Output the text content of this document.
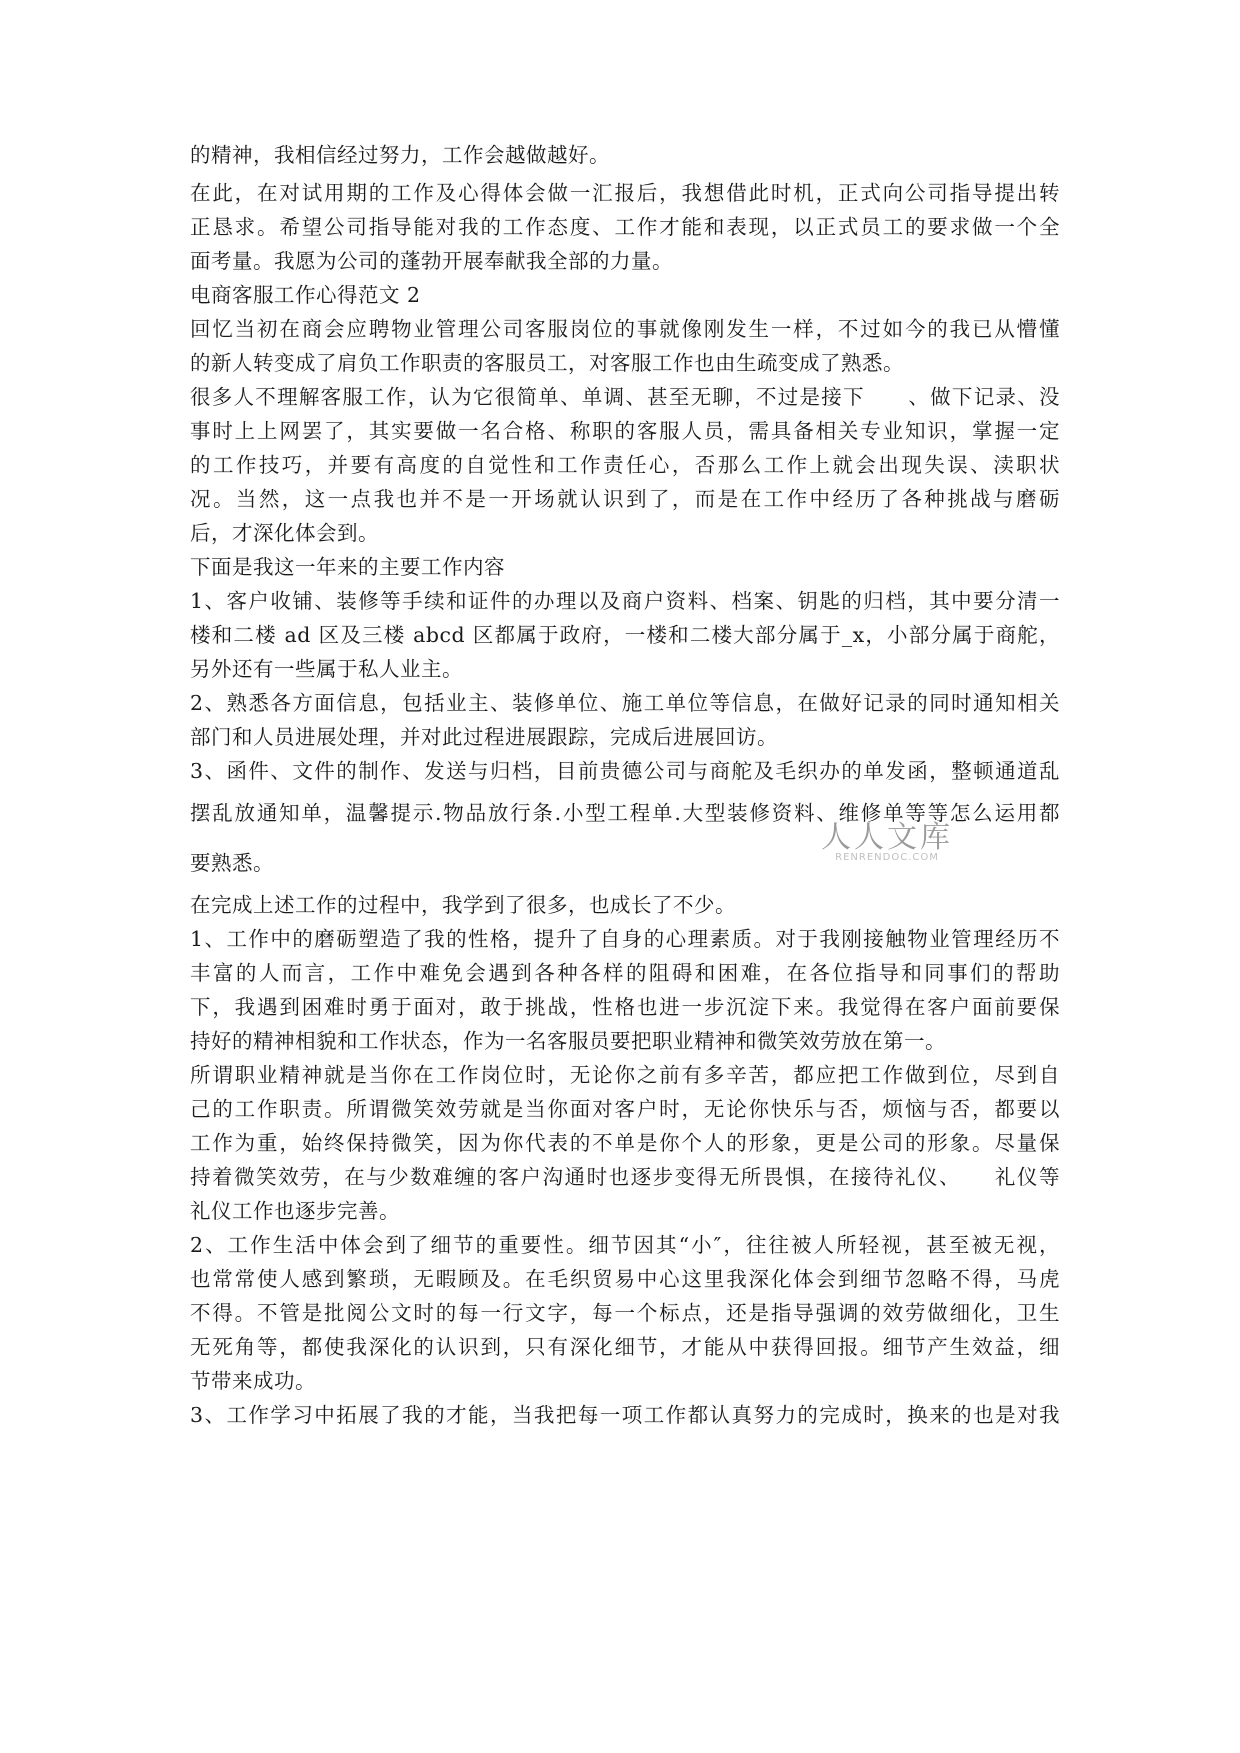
的精神，我相信经过努力，工作会越做越好。
在此，在对试用期的工作及心得体会做一汇报后，我想借此时机，正式向公司指导提出转
正恳求。希望公司指导能对我的工作态度、工作才能和表现，以正式员工的要求做一个全
面考量。我愿为公司的蓬勃开展奉献我全部的力量。
电商客服工作心得范文 2
回忆当初在商会应聘物业管理公司客服岗位的事就像刚发生一样，不过如今的我已从懵懂
的新人转变成了肩负工作职责的客服员工，对客服工作也由生疏变成了熟悉。
很多人不理解客服工作，认为它很简单、单调、甚至无聊，不过是接下　　、做下记录、没
事时上上网罢了，其实要做一名合格、称职的客服人员，需具备相关专业知识，掌握一定
的工作技巧，并要有高度的自觉性和工作责任心，否那么工作上就会出现失误、渎职状
况。当然，这一点我也并不是一开场就认识到了，而是在工作中经历了各种挑战与磨砺
后，才深化体会到。
下面是我这一年来的主要工作内容
1、客户收铺、装修等手续和证件的办理以及商户资料、档案、钥匙的归档，其中要分清一
楼和二楼 ad 区及三楼 abcd 区都属于政府，一楼和二楼大部分属于_x，小部分属于商舵，
另外还有一些属于私人业主。
2、熟悉各方面信息，包括业主、装修单位、施工单位等信息，在做好记录的同时通知相关
部门和人员进展处理，并对此过程进展跟踪，完成后进展回访。
3、函件、文件的制作、发送与归档，目前贵德公司与商舵及毛织办的单发函，整顿通道乱
摆乱放通知单，温馨提示.物品放行条.小型工程单.大型装修资料、维修单等等怎么运用都
要熟悉。
在完成上述工作的过程中，我学到了很多，也成长了不少。
1、工作中的磨砺塑造了我的性格，提升了自身的心理素质。对于我刚接触物业管理经历不
丰富的人而言，工作中难免会遇到各种各样的阻碍和困难，在各位指导和同事们的帮助
下，我遇到困难时勇于面对，敢于挑战，性格也进一步沉淀下来。我觉得在客户面前要保
持好的精神相貌和工作状态，作为一名客服员要把职业精神和微笑效劳放在第一。
所谓职业精神就是当你在工作岗位时，无论你之前有多辛苦，都应把工作做到位，尽到自
己的工作职责。所谓微笑效劳就是当你面对客户时，无论你快乐与否，烦恼与否，都要以
工作为重，始终保持微笑，因为你代表的不单是你个人的形象，更是公司的形象。尽量保
持着微笑效劳，在与少数难缠的客户沟通时也逐步变得无所畏惧，在接待礼仪、　　礼仪等
礼仪工作也逐步完善。
2、工作生活中体会到了细节的重要性。细节因其“小″，往往被人所轻视，甚至被无视，
也常常使人感到繁琐，无暇顾及。在毛织贸易中心这里我深化体会到细节忽略不得，马虎
不得。不管是批阅公文时的每一行文字，每一个标点，还是指导强调的效劳做细化，卫生
无死角等，都使我深化的认识到，只有深化细节，才能从中获得回报。细节产生效益，细
节带来成功。
3、工作学习中拓展了我的才能，当我把每一项工作都认真努力的完成时，换来的也是对我
人人文库
RENRENDOC.COM
